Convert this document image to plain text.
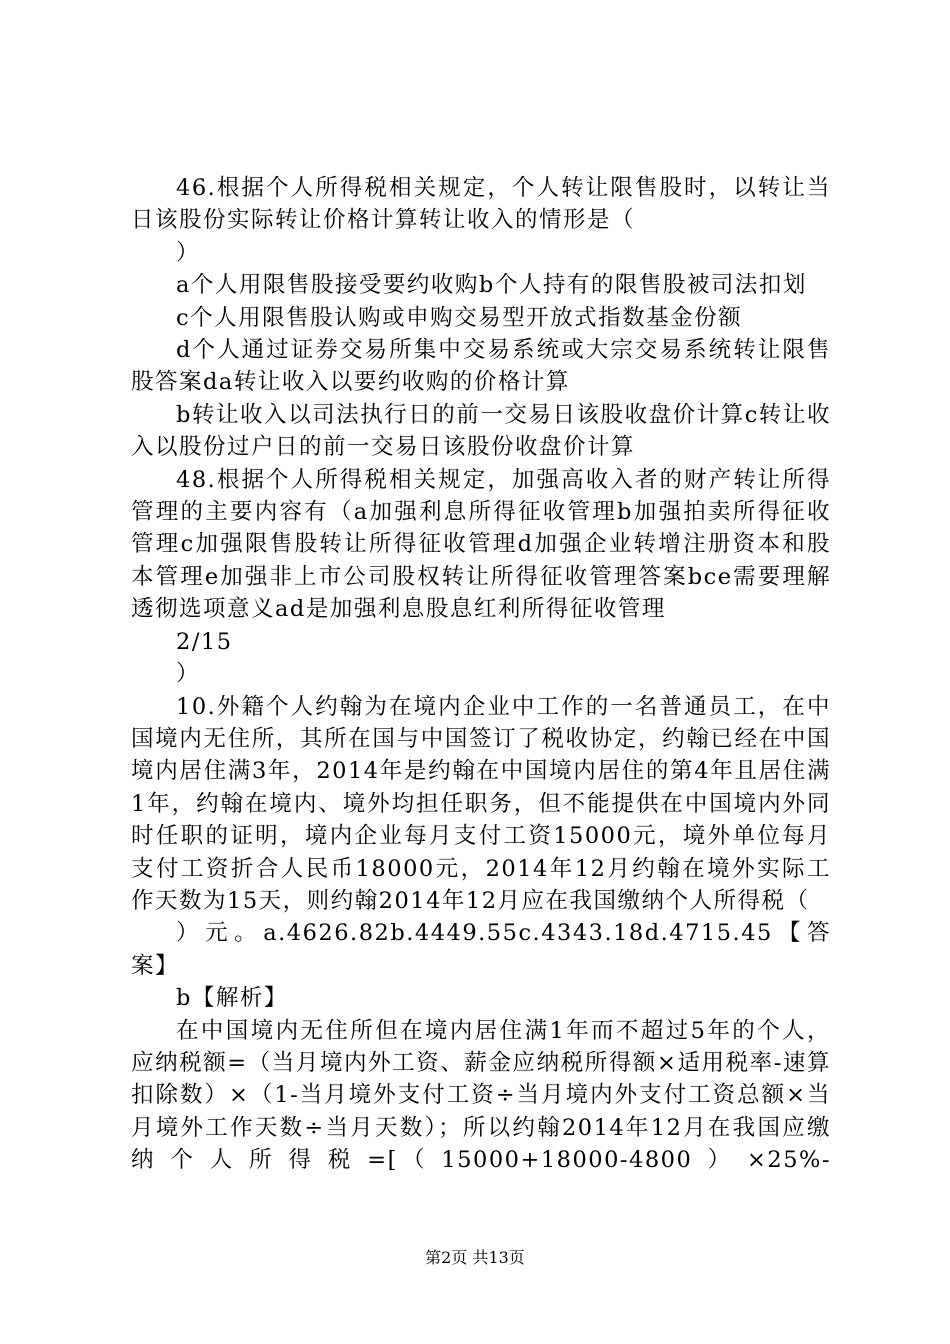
46.根据个人所得税相关规定，个人转让限售股时，以转让当日该股份实际转让价格计算转让收入的情形是（

）

a个人用限售股接受要约收购b个人持有的限售股被司法扣划

c个人用限售股认购或申购交易型开放式指数基金份额

d个人通过证券交易所集中交易系统或大宗交易系统转让限售股答案da转让收入以要约收购的价格计算

b转让收入以司法执行日的前一交易日该股收盘价计算c转让收入以股份过户日的前一交易日该股份收盘价计算

48.根据个人所得税相关规定，加强高收入者的财产转让所得管理的主要内容有（a加强利息所得征收管理b加强拍卖所得征收管理c加强限售股转让所得征收管理d加强企业转增注册资本和股本管理e加强非上市公司股权转让所得征收管理答案bce需要理解透彻选项意义ad是加强利息股息红利所得征收管理

2/15

）

10.外籍个人约翰为在境内企业中工作的一名普通员工，在中国境内无住所，其所在国与中国签订了税收协定，约翰已经在中国境内居住满3年，2014年是约翰在中国境内居住的第4年且居住满1年，约翰在境内、境外均担任职务，但不能提供在中国境内外同时任职的证明，境内企业每月支付工资15000元，境外单位每月支付工资折合人民币18000元，2014年12月约翰在境外实际工作天数为15天，则约翰2014年12月应在我国缴纳个人所得税（

）元。a.4626.82b.4449.55c.4343.18d.4715.45【答案】

b【解析】

在中国境内无住所但在境内居住满1年而不超过5年的个人，应纳税额=（当月境内外工资、薪金应纳税所得额×适用税率-速算扣除数）×（1-当月境外支付工资÷当月境内外支付工资总额×当月境外工作天数÷当月天数）；所以约翰2014年12月在我国应缴纳个人所得税=[（15000+18000-4800）×25%-

第2页 共13页
